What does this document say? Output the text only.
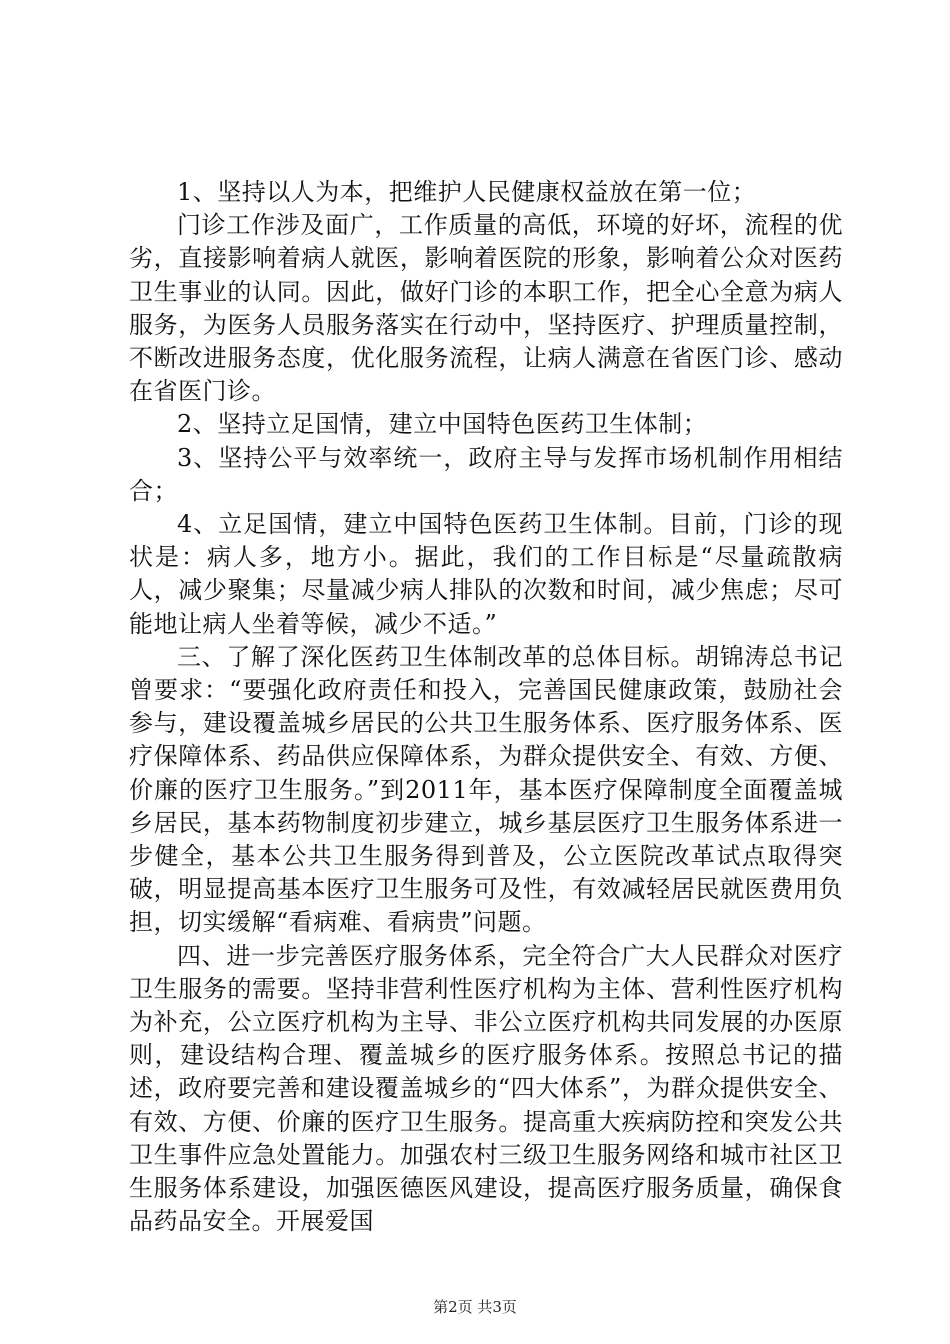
1、坚持以人为本，把维护人民健康权益放在第一位；

门诊工作涉及面广，工作质量的高低，环境的好坏，流程的优劣，直接影响着病人就医，影响着医院的形象，影响着公众对医药卫生事业的认同。因此，做好门诊的本职工作，把全心全意为病人服务，为医务人员服务落实在行动中，坚持医疗、护理质量控制，不断改进服务态度，优化服务流程，让病人满意在省医门诊、感动在省医门诊。

2、坚持立足国情，建立中国特色医药卫生体制；

3、坚持公平与效率统一，政府主导与发挥市场机制作用相结合；

4、立足国情，建立中国特色医药卫生体制。目前，门诊的现状是：病人多，地方小。据此，我们的工作目标是“尽量疏散病人，减少聚集；尽量减少病人排队的次数和时间，减少焦虑；尽可能地让病人坐着等候，减少不适。”

三、了解了深化医药卫生体制改革的总体目标。胡锦涛总书记曾要求：“要强化政府责任和投入，完善国民健康政策，鼓励社会参与，建设覆盖城乡居民的公共卫生服务体系、医疗服务体系、医疗保障体系、药品供应保障体系，为群众提供安全、有效、方便、价廉的医疗卫生服务。”到2011年，基本医疗保障制度全面覆盖城乡居民，基本药物制度初步建立，城乡基层医疗卫生服务体系进一步健全，基本公共卫生服务得到普及，公立医院改革试点取得突破，明显提高基本医疗卫生服务可及性，有效减轻居民就医费用负担，切实缓解“看病难、看病贵”问题。

四、进一步完善医疗服务体系，完全符合广大人民群众对医疗卫生服务的需要。坚持非营利性医疗机构为主体、营利性医疗机构为补充，公立医疗机构为主导、非公立医疗机构共同发展的办医原则，建设结构合理、覆盖城乡的医疗服务体系。按照总书记的描述，政府要完善和建设覆盖城乡的“四大体系”，为群众提供安全、有效、方便、价廉的医疗卫生服务。提高重大疾病防控和突发公共卫生事件应急处置能力。加强农村三级卫生服务网络和城市社区卫生服务体系建设，加强医德医风建设，提高医疗服务质量，确保食品药品安全。开展爱国

第2页 共3页
